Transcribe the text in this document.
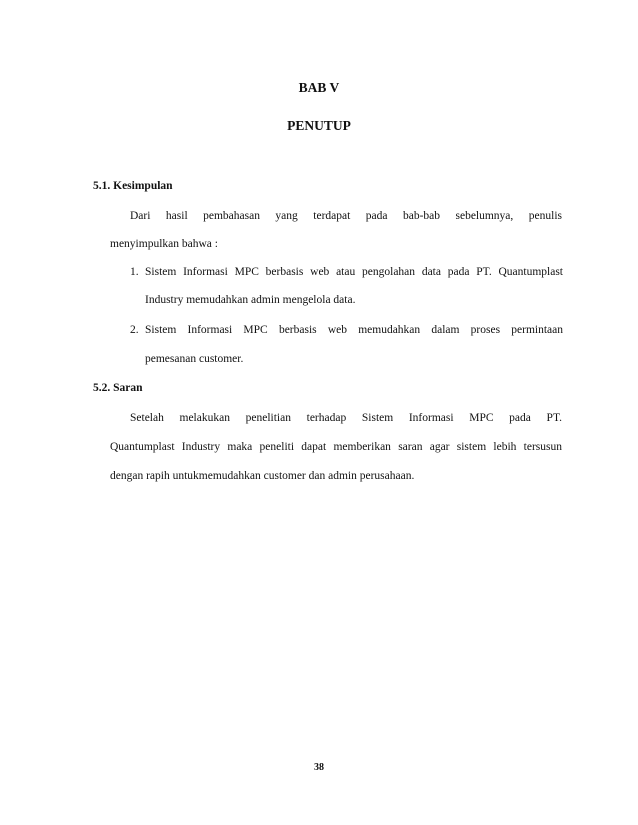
BAB V
PENUTUP
5.1. Kesimpulan
Dari hasil pembahasan yang terdapat pada bab-bab sebelumnya, penulis
menyimpulkan bahwa :
1. Sistem Informasi MPC berbasis web atau pengolahan data pada PT. Quantumplast
Industry memudahkan admin mengelola data.
2. Sistem Informasi MPC berbasis web memudahkan dalam proses permintaan
pemesanan customer.
5.2. Saran
Setelah melakukan penelitian terhadap Sistem Informasi MPC pada PT.
Quantumplast Industry maka peneliti dapat memberikan saran agar sistem lebih tersusun
dengan rapih untukmemudahkan customer dan admin perusahaan.
38
